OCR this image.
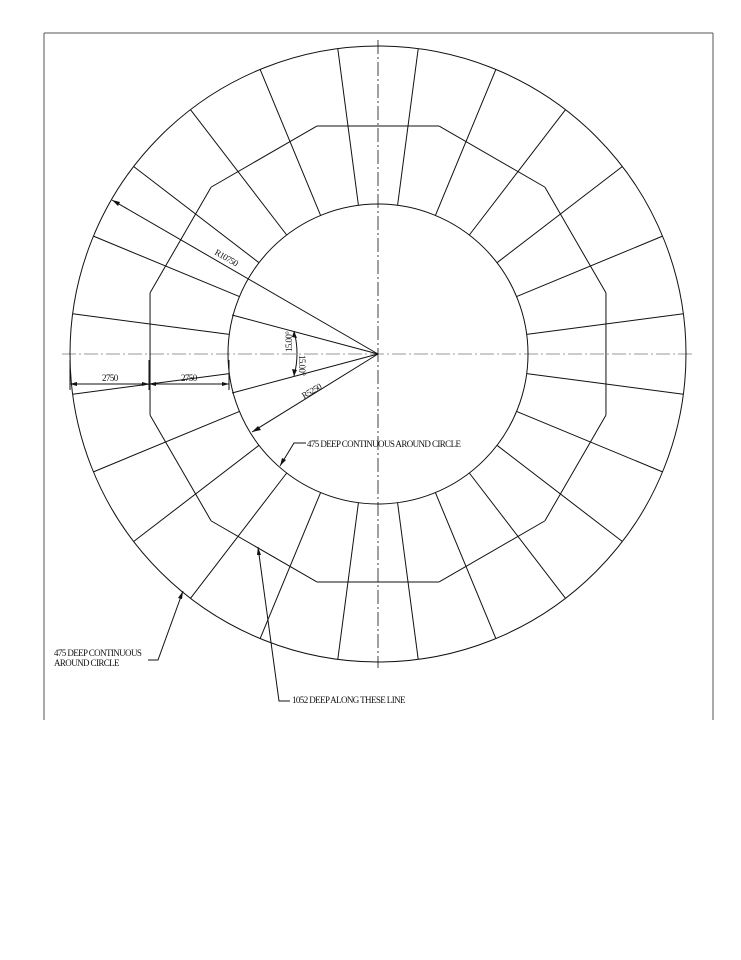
R10750
R5250
15.00°
15.00°
2750	2750
475 DEEP CONTINUOUS AROUND CIRCLE
475 DEEP CONTINUOUS
AROUND CIRCLE
1052 DEEP ALONG THESE LINE
